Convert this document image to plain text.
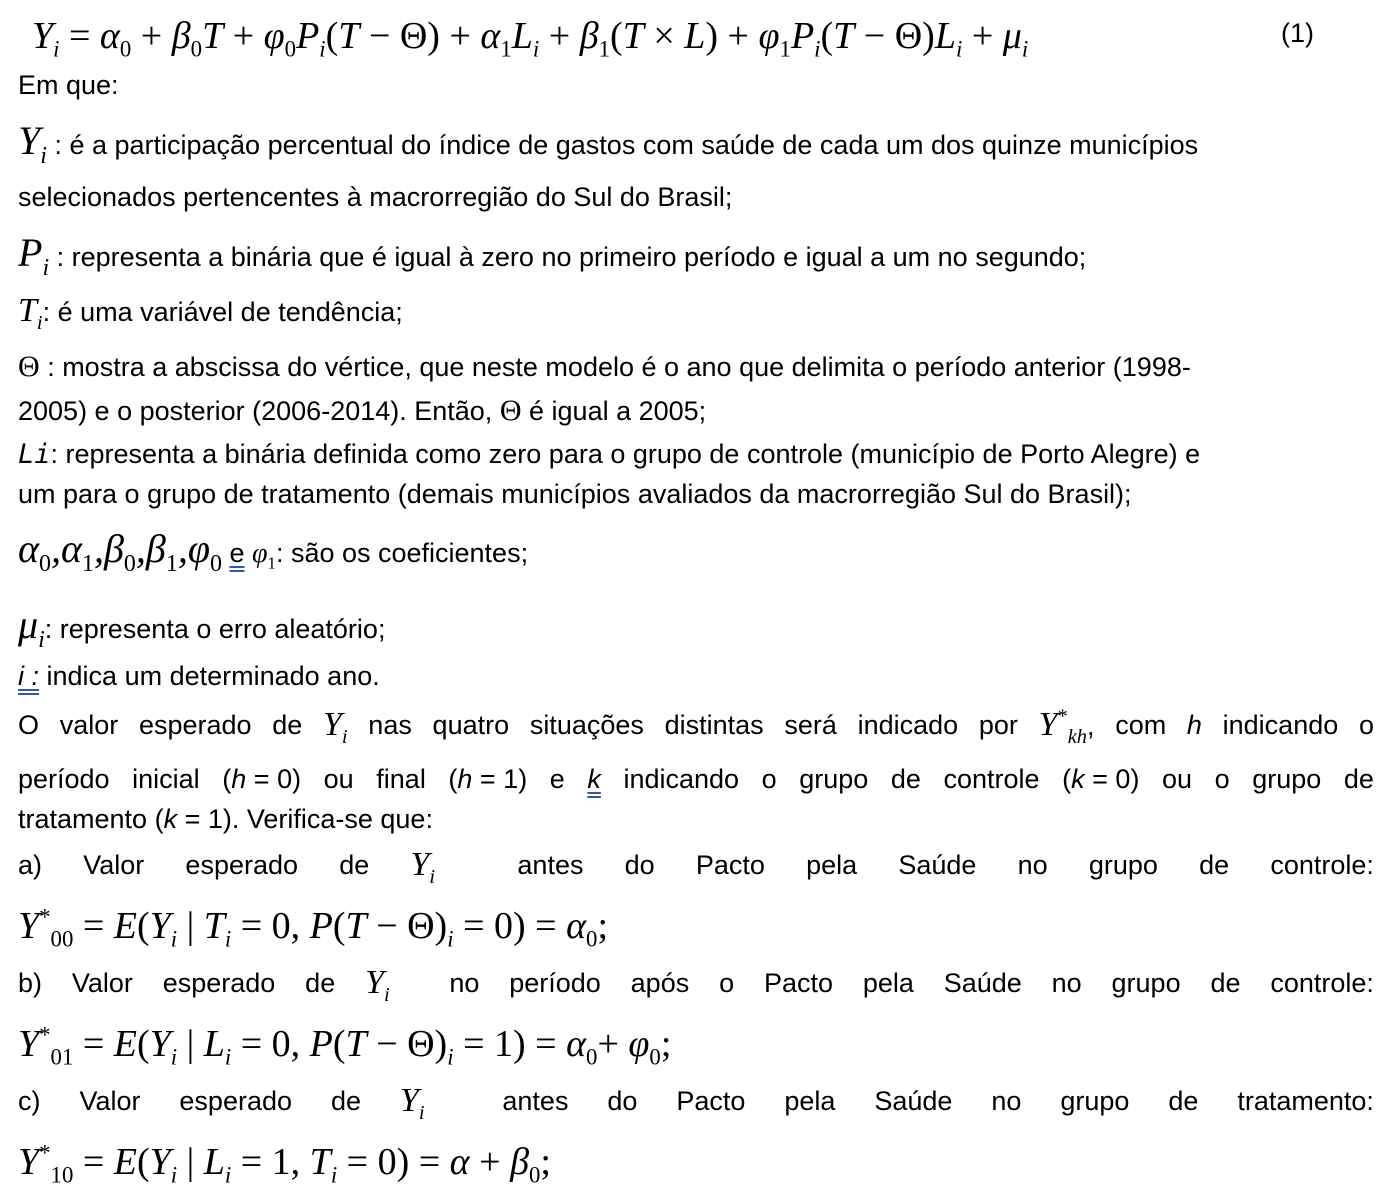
$Y_i = \alpha_0 + \beta_0T + \varphi_0P_i(T - \Theta) + \alpha_1L_i + \beta_1(T \times L) + \varphi_1P_i(T - \Theta)L_i + \mu_i$
(1)
Em que:
$Y_i$ : é a participação percentual do índice de gastos com saúde de cada um dos quinze municípios
selecionados pertencentes à macrorregião do Sul do Brasil;
$P_i$ : representa a binária que é igual à zero no primeiro período e igual a um no segundo;
$T_i$: é uma variável de tendência;
Θ : mostra a abscissa do vértice, que neste modelo é o ano que delimita o período anterior (1998-
2005) e o posterior (2006-2014). Então, Θ é igual a 2005;
Li: representa a binária definida como zero para o grupo de controle (município de Porto Alegre) e
um para o grupo de tratamento (demais municípios avaliados da macrorregião Sul do Brasil);
$\alpha_0,\alpha_1,\beta_0,\beta_1,\varphi_0$ e $\varphi_1$: são os coeficientes;
$\mu_i$: representa o erro aleatório;
i : indica um determinado ano.
O valor esperado de $Y_i$ nas quatro situações distintas será indicado por $Y^*_{kh}$, com h indicando o
período inicial (h = 0) ou final (h = 1) e k indicando o grupo de controle (k = 0) ou o grupo de
tratamento (k = 1). Verifica-se que:
a) Valor esperado de $Y_i$	antes do Pacto pela Saúde no grupo de controle:
$Y^*_{00} = E(Y_i$ | $T_i = 0$, $P(T - \Theta)_i = 0) = \alpha_0$;
b) Valor esperado de $Y_i$ no período após o Pacto pela Saúde no grupo de controle:
$Y^*_{01} = E(Y_i$ | $L_i = 0$, $P(T - \Theta)_i = 1) = \alpha_0+ \varphi_0$;
c) Valor esperado de $Y_i$	antes do Pacto pela Saúde no grupo de tratamento:
$Y^*_{10} = E(Y_i$ | $L_i = 1$, $T_i = 0) = \alpha + \beta_0$;
